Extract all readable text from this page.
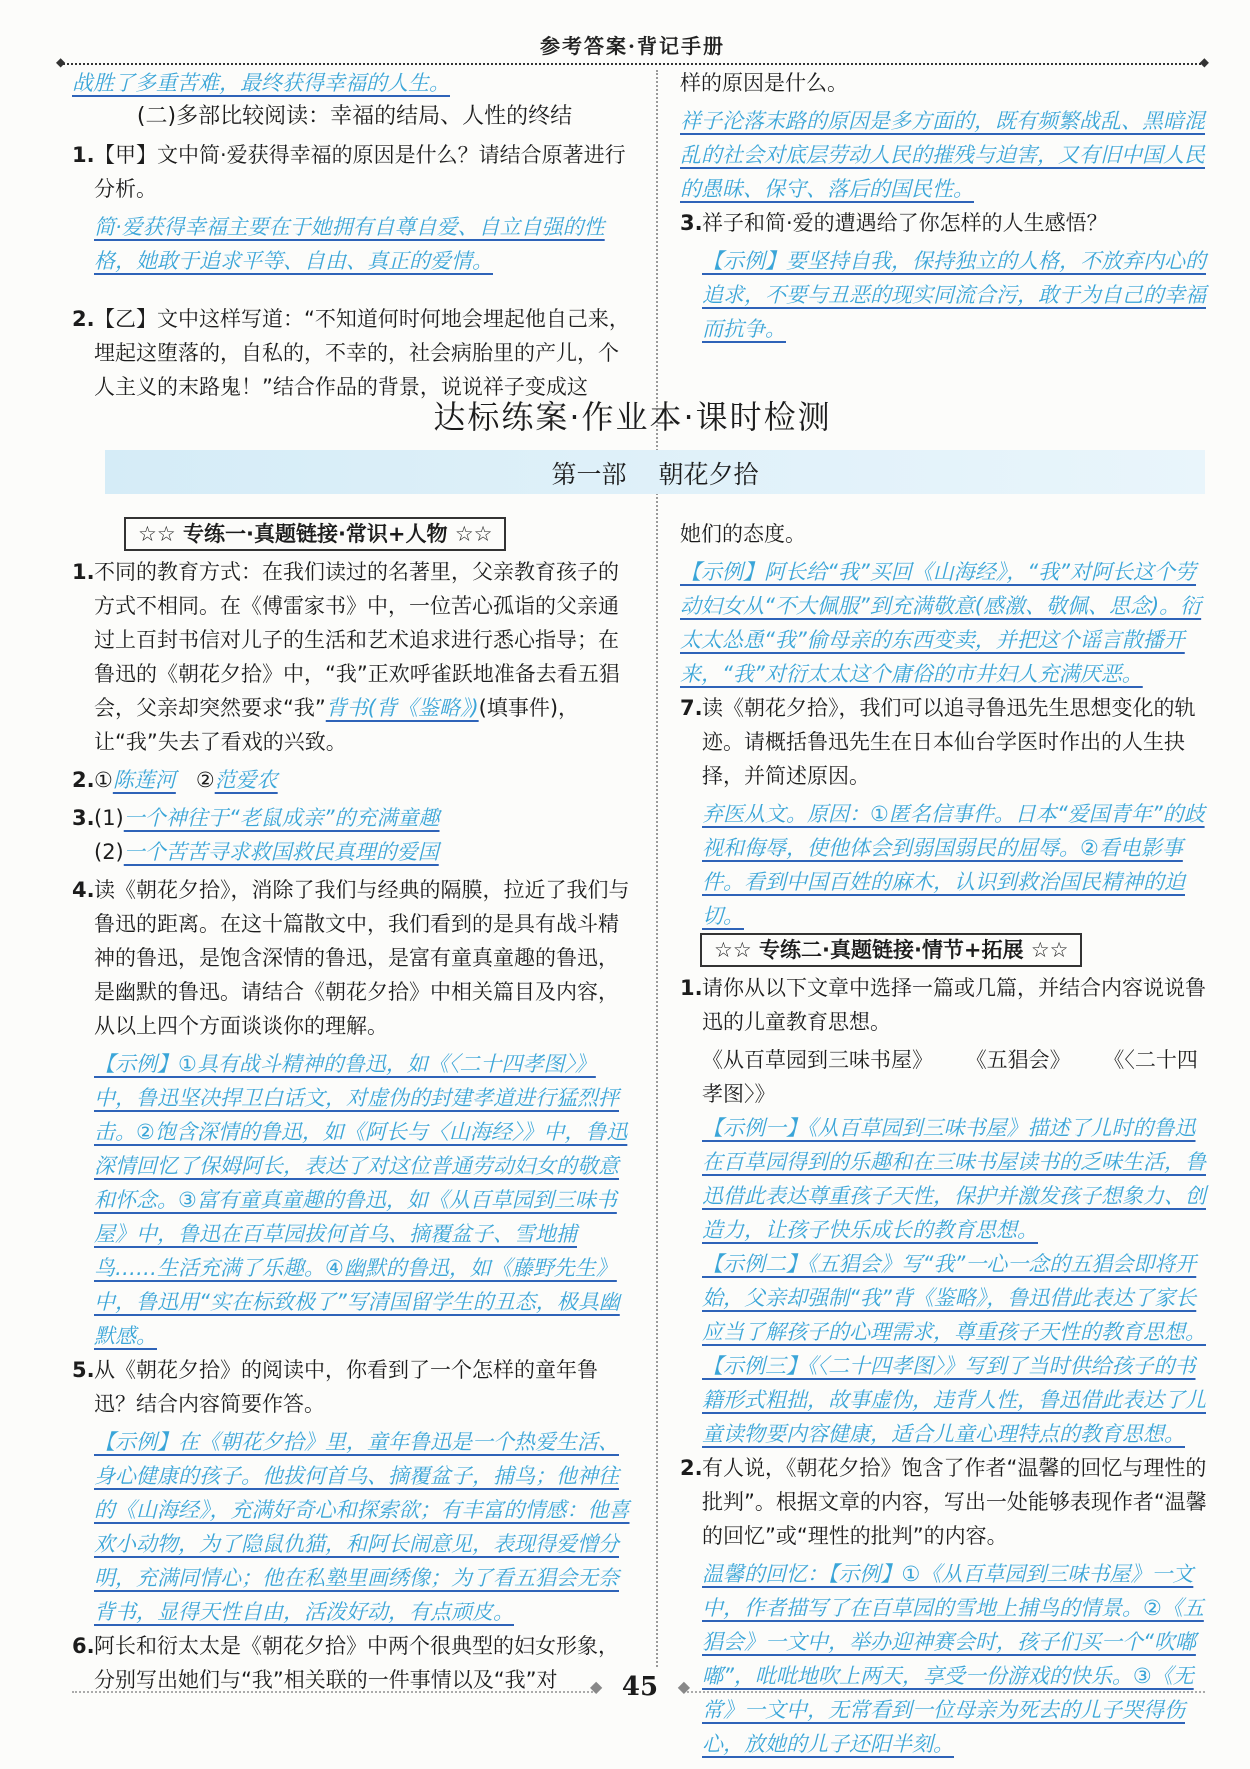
参考答案·背记手册
◆ ◆
战胜了多重苦难，最终获得幸福的人生。
(二)多部比较阅读：幸福的结局、人性的终结
1. 【甲】文中简·爱获得幸福的原因是什么？请结合原著进行分析。
简·爱获得幸福主要在于她拥有自尊自爱、自立自强的性格，她敢于追求平等、自由、真正的爱情。
2. 【乙】文中这样写道：“不知道何时何地会埋起他自己来，埋起这堕落的，自私的，不幸的，社会病胎里的产儿，个人主义的末路鬼！”结合作品的背景，说说祥子变成这
样的原因是什么。
祥子沦落末路的原因是多方面的，既有频繁战乱、黑暗混乱的社会对底层劳动人民的摧残与迫害，又有旧中国人民的愚昧、保守、落后的国民性。
3. 祥子和简·爱的遭遇给了你怎样的人生感悟？
【示例】要坚持自我，保持独立的人格，不放弃内心的追求，不要与丑恶的现实同流合污，敢于为自己的幸福而抗争。
达标练案·作业本·课时检测
第一部 朝花夕拾
☆☆ 专练一·真题链接·常识+人物 ☆☆
1. 不同的教育方式：在我们读过的名著里，父亲教育孩子的方式不相同。在《傅雷家书》中，一位苦心孤诣的父亲通过上百封书信对儿子的生活和艺术追求进行悉心指导；在鲁迅的《朝花夕拾》中，“我”正欢呼雀跃地准备去看五猖会，父亲却突然要求“我”背书(背《鉴略》)(填事件)，让“我”失去了看戏的兴致。
2. ①陈莲河 ②范爱农
3. (1)一个神往于“老鼠成亲”的充满童趣
(2)一个苦苦寻求救国救民真理的爱国
4. 读《朝花夕拾》，消除了我们与经典的隔膜，拉近了我们与鲁迅的距离。在这十篇散文中，我们看到的是具有战斗精神的鲁迅，是饱含深情的鲁迅，是富有童真童趣的鲁迅，是幽默的鲁迅。请结合《朝花夕拾》中相关篇目及内容，从以上四个方面谈谈你的理解。
【示例】①具有战斗精神的鲁迅，如《〈二十四孝图〉》中，鲁迅坚决捍卫白话文，对虚伪的封建孝道进行猛烈抨击。②饱含深情的鲁迅，如《阿长与〈山海经〉》中，鲁迅深情回忆了保姆阿长，表达了对这位普通劳动妇女的敬意和怀念。③富有童真童趣的鲁迅，如《从百草园到三味书屋》中，鲁迅在百草园拔何首乌、摘覆盆子、雪地捕鸟……生活充满了乐趣。④幽默的鲁迅，如《藤野先生》中，鲁迅用“实在标致极了”写清国留学生的丑态，极具幽默感。
5. 从《朝花夕拾》的阅读中，你看到了一个怎样的童年鲁迅？结合内容简要作答。
【示例】在《朝花夕拾》里，童年鲁迅是一个热爱生活、身心健康的孩子。他拔何首乌、摘覆盆子，捕鸟；他神往的《山海经》，充满好奇心和探索欲；有丰富的情感：他喜欢小动物，为了隐鼠仇猫，和阿长闹意见，表现得爱憎分明，充满同情心；他在私塾里画绣像；为了看五猖会无奈背书，显得天性自由，活泼好动，有点顽皮。
6. 阿长和衍太太是《朝花夕拾》中两个很典型的妇女形象，分别写出她们与“我”相关联的一件事情以及“我”对
她们的态度。
【示例】阿长给“我”买回《山海经》，“我”对阿长这个劳动妇女从“不大佩服”到充满敬意(感激、敬佩、思念)。衍太太怂恿“我”偷母亲的东西变卖，并把这个谣言散播开来，“我”对衍太太这个庸俗的市井妇人充满厌恶。
7. 读《朝花夕拾》，我们可以追寻鲁迅先生思想变化的轨迹。请概括鲁迅先生在日本仙台学医时作出的人生抉择，并简述原因。
弃医从文。原因：①匿名信事件。日本“爱国青年”的歧视和侮辱，使他体会到弱国弱民的屈辱。②看电影事件。看到中国百姓的麻木，认识到救治国民精神的迫切。
☆☆ 专练二·真题链接·情节+拓展 ☆☆
1. 请你从以下文章中选择一篇或几篇，并结合内容说说鲁迅的儿童教育思想。
《从百草园到三味书屋》 《五猖会》 《〈二十四孝图〉》
【示例一】《从百草园到三味书屋》描述了儿时的鲁迅在百草园得到的乐趣和在三味书屋读书的乏味生活，鲁迅借此表达尊重孩子天性，保护并激发孩子想象力、创造力，让孩子快乐成长的教育思想。
【示例二】《五猖会》写“我”一心一念的五猖会即将开始，父亲却强制“我”背《鉴略》，鲁迅借此表达了家长应当了解孩子的心理需求，尊重孩子天性的教育思想。
【示例三】《〈二十四孝图〉》写到了当时供给孩子的书籍形式粗拙，故事虚伪，违背人性，鲁迅借此表达了儿童读物要内容健康，适合儿童心理特点的教育思想。
2. 有人说，《朝花夕拾》饱含了作者“温馨的回忆与理性的批判”。根据文章的内容，写出一处能够表现作者“温馨的回忆”或“理性的批判”的内容。
温馨的回忆：【示例】①《从百草园到三味书屋》一文中，作者描写了在百草园的雪地上捕鸟的情景。②《五猖会》一文中，举办迎神赛会时，孩子们买一个“吹嘟嘟”，吡吡地吹上两天，享受一份游戏的快乐。③《无常》一文中，无常看到一位母亲为死去的儿子哭得伤心，放她的儿子还阳半刻。
◆ 45 ◆
